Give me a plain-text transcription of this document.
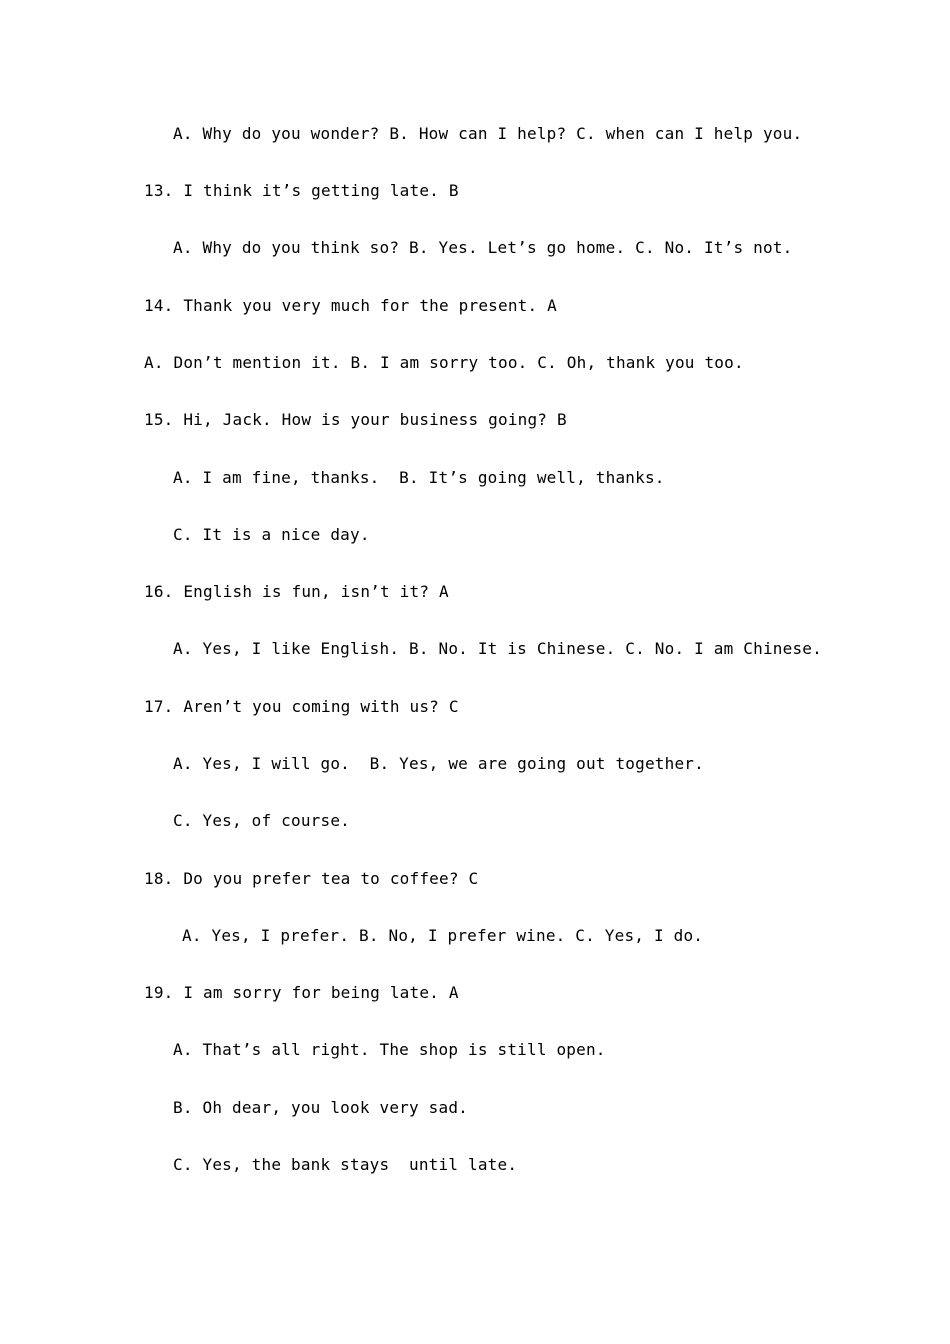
A. Why do you wonder? B. How can I help? C. when can I help you.
13. I think it’s getting late. B
A. Why do you think so? B. Yes. Let’s go home. C. No. It’s not.
14. Thank you very much for the present. A
A. Don’t mention it. B. I am sorry too. C. Oh, thank you too.
15. Hi, Jack. How is your business going? B
A. I am fine, thanks.  B. It’s going well, thanks.
C. It is a nice day.
16. English is fun, isn’t it? A
A. Yes, I like English. B. No. It is Chinese. C. No. I am Chinese.
17. Aren’t you coming with us? C
A. Yes, I will go.  B. Yes, we are going out together.
C. Yes, of course.
18. Do you prefer tea to coffee? C
A. Yes, I prefer. B. No, I prefer wine. C. Yes, I do.
19. I am sorry for being late. A
A. That’s all right. The shop is still open.
B. Oh dear, you look very sad.
C. Yes, the bank stays  until late.
